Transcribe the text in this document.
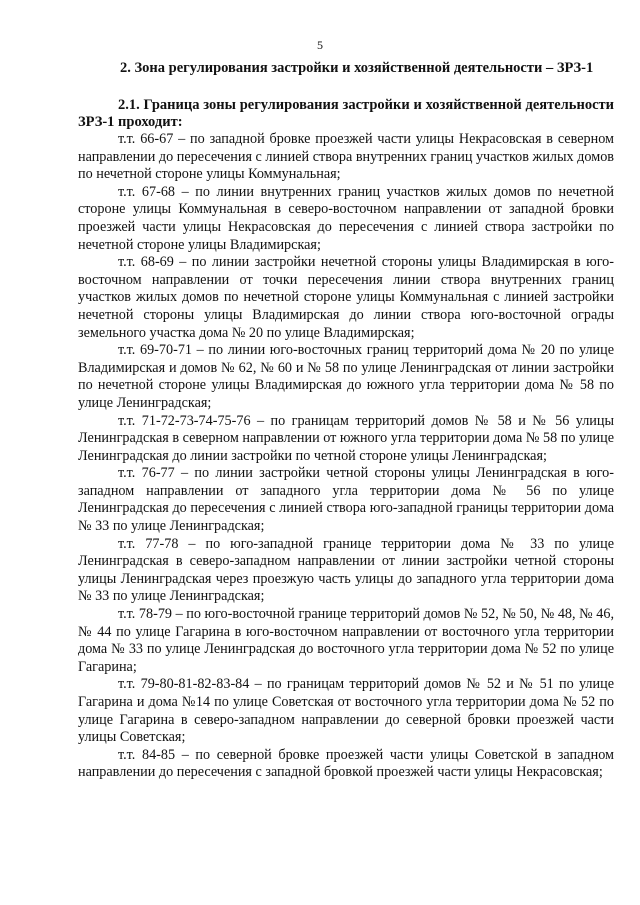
5
2. Зона регулирования застройки и хозяйственной деятельности – ЗРЗ-1
2.1. Граница зоны регулирования застройки и хозяйственной деятельности ЗРЗ-1 проходит:

т.т. 66-67 – по западной бровке проезжей части улицы Некрасовская в северном направлении до пересечения с линией створа внутренних границ участков жилых домов по нечетной стороне улицы Коммунальная;

т.т. 67-68 – по линии внутренних границ участков жилых домов по нечетной стороне улицы Коммунальная в северо-восточном направлении от западной бровки проезжей части улицы Некрасовская до пересечения с линией створа застройки по нечетной стороне улицы Владимирская;

т.т. 68-69 – по линии застройки нечетной стороны улицы Владимирская в юго-восточном направлении от точки пересечения линии створа внутренних границ участков жилых домов по нечетной стороне улицы Коммунальная с линией застройки нечетной стороны улицы Владимирская до линии створа юго-восточной ограды земельного участка дома № 20 по улице Владимирская;

т.т. 69-70-71 – по линии юго-восточных границ территорий дома № 20 по улице Владимирская и домов № 62, № 60 и № 58 по улице Ленинградская от линии застройки по нечетной стороне улицы Владимирская до южного угла территории дома № 58 по улице Ленинградская;

т.т. 71-72-73-74-75-76 – по границам территорий домов № 58 и № 56 улицы Ленинградская в северном направлении от южного угла территории дома № 58 по улице Ленинградская до линии застройки по четной стороне улицы Ленинградская;

т.т. 76-77 – по линии застройки четной стороны улицы Ленинградская в юго-западном направлении от западного угла территории дома № 56 по улице Ленинградская до пересечения с линией створа юго-западной границы территории дома № 33 по улице Ленинградская;

т.т. 77-78 – по юго-западной границе территории дома № 33 по улице Ленинградская в северо-западном направлении от линии застройки четной стороны улицы Ленинградская через проезжую часть улицы до западного угла территории дома № 33 по улице Ленинградская;

т.т. 78-79 – по юго-восточной границе территорий домов № 52, № 50, № 48, № 46, № 44 по улице Гагарина в юго-восточном направлении от восточного угла территории дома № 33 по улице Ленинградская до восточного угла территории дома № 52 по улице Гагарина;

т.т. 79-80-81-82-83-84 – по границам территорий домов № 52 и № 51 по улице Гагарина и дома №14 по улице Советская от восточного угла территории дома № 52 по улице Гагарина в северо-западном направлении до северной бровки проезжей части улицы Советская;

т.т. 84-85 – по северной бровке проезжей части улицы Советской в западном направлении до пересечения с западной бровкой проезжей части улицы Некрасовская;
